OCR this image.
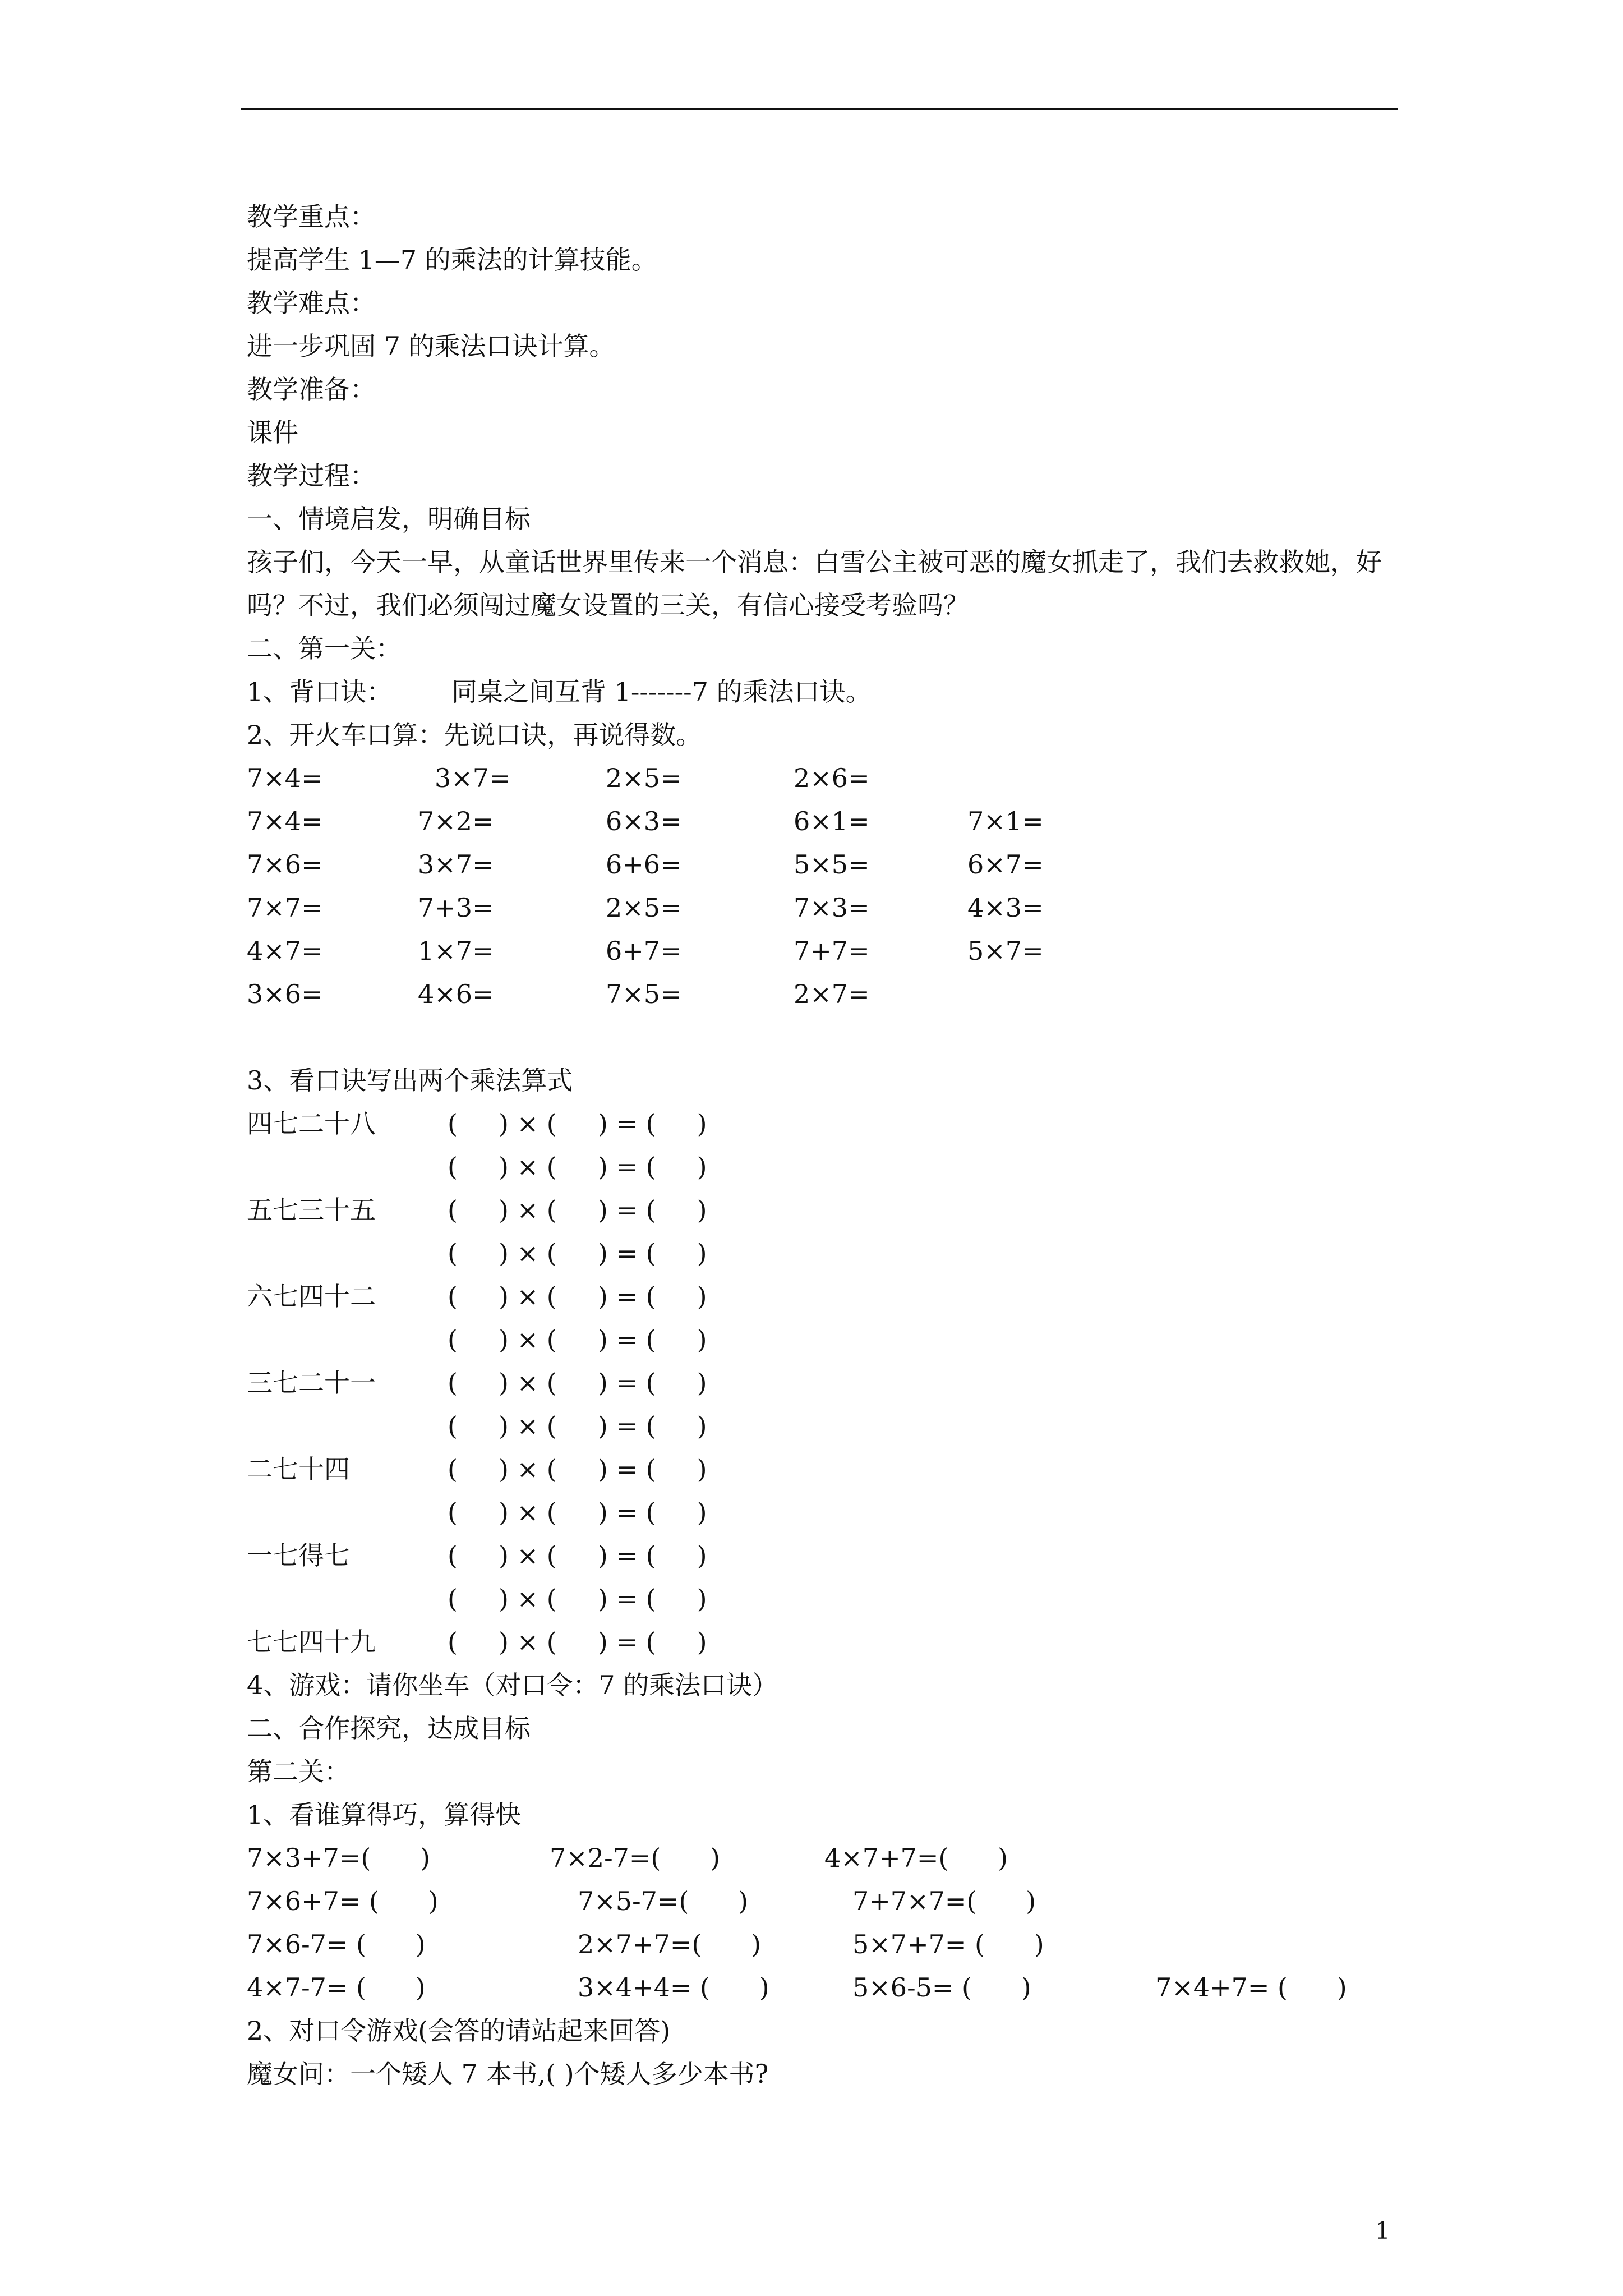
教学重点：
提高学生 1—7 的乘法的计算技能。
教学难点：
进一步巩固 7 的乘法口诀计算。
教学准备：
课件
教学过程：
一、情境启发，明确目标
孩子们，今天一早，从童话世界里传来一个消息：白雪公主被可恶的魔女抓走了，我们去救救她，好吗？不过，我们必须闯过魔女设置的三关，有信心接受考验吗？
二、第一关：
1、背口诀： 同桌之间互背 1-------7 的乘法口诀。
2、开火车口算：先说口诀，再说得数。
7×4=	3×7=	2×5=	2×6=
7×4=	7×2=	6×3=	6×1=	7×1=
7×6=	3×7=	6+6=	5×5=	6×7=
7×7=	7+3=	2×5=	7×3=	4×3=
4×7=	1×7=	6+7=	7+7=	5×7=
3×6=	4×6=	7×5=	2×7=
3、看口诀写出两个乘法算式
四七二十八	(     ) × (     ) = (     )
(     ) × (     ) = (     )
五七三十五	(     ) × (     ) = (     )
(     ) × (     ) = (     )
六七四十二	(     ) × (     ) = (     )
(     ) × (     ) = (     )
三七二十一	(     ) × (     ) = (     )
(     ) × (     ) = (     )
二七十四	(     ) × (     ) = (     )
(     ) × (     ) = (     )
一七得七	(     ) × (     ) = (     )
(     ) × (     ) = (     )
七七四十九	(     ) × (     ) = (     )
4、游戏：请你坐车（对口令：7 的乘法口诀）
二、合作探究，达成目标
第二关：
1、看谁算得巧，算得快
7×3+7=(      )	7×2-7=(      )	4×7+7=(      )
7×6+7= (      )	7×5-7=(      )	7+7×7=(      )
7×6-7= (      )	2×7+7=(      )	5×7+7= (      )
4×7-7= (      )	3×4+4= (      )	5×6-5= (      )	7×4+7= (      )
2、对口令游戏(会答的请站起来回答)
魔女问：一个矮人 7 本书,( )个矮人多少本书?
1
